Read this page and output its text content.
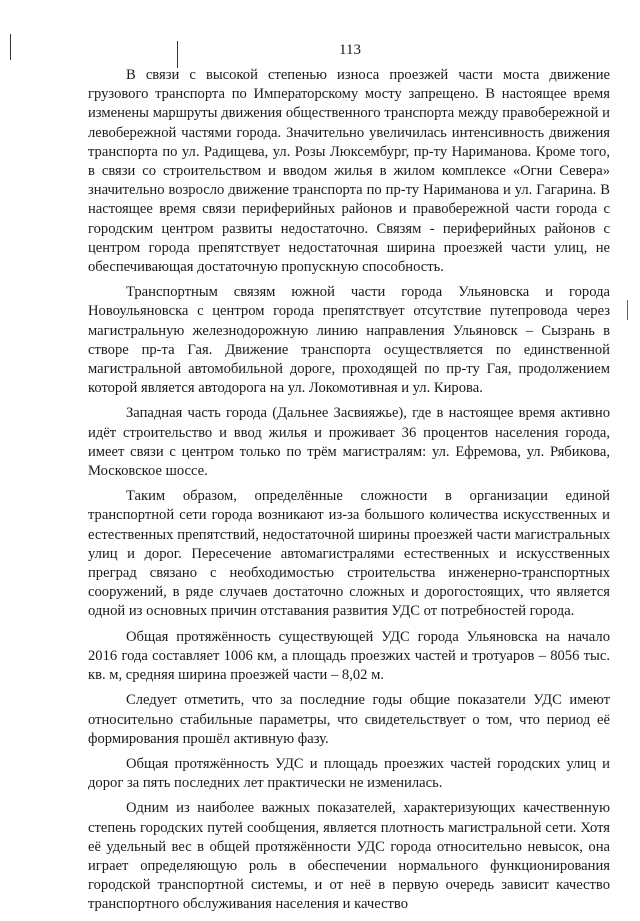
113

В связи с высокой степенью износа проезжей части моста движение грузового транспорта по Императорскому мосту запрещено. В настоящее время изменены маршруты движения общественного транспорта между правобережной и левобережной частями города. Значительно увеличилась интенсивность движения транспорта по ул. Радищева, ул. Розы Люксембург, пр-ту Нариманова. Кроме того, в связи со строительством и вводом жилья в жилом комплексе «Огни Севера» значительно возросло движение транспорта по пр-ту Нариманова и ул. Гагарина. В настоящее время связи периферийных районов и правобережной части города с городским центром развиты недостаточно. Связям - периферийных районов с центром города препятствует недостаточная ширина проезжей части улиц, не обеспечивающая достаточную пропускную способность.

Транспортным связям южной части города Ульяновска и города Новоульяновска с центром города препятствует отсутствие путепровода через магистральную железнодорожную линию направления Ульяновск – Сызрань в створе пр-та Гая. Движение транспорта осуществляется по единственной магистральной автомобильной дороге, проходящей по пр-ту Гая, продолжением которой является автодорога на ул. Локомотивная и ул. Кирова.

Западная часть города (Дальнее Засвияжье), где в настоящее время активно идёт строительство и ввод жилья и проживает 36 процентов населения города, имеет связи с центром только по трём магистралям: ул. Ефремова, ул. Рябикова, Московское шоссе.

Таким образом, определённые сложности в организации единой транспортной сети города возникают из-за большого количества искусственных и естественных препятствий, недостаточной ширины проезжей части магистральных улиц и дорог. Пересечение автомагистралями естественных и искусственных преград связано с необходимостью строительства инженерно-транспортных сооружений, в ряде случаев достаточно сложных и дорогостоящих, что является одной из основных причин отставания развития УДС от потребностей города.

Общая протяжённость существующей УДС города Ульяновска на начало 2016 года составляет 1006 км, а площадь проезжих частей и тротуаров – 8056 тыс. кв. м, средняя ширина проезжей части – 8,02 м.

Следует отметить, что за последние годы общие показатели УДС имеют относительно стабильные параметры, что свидетельствует о том, что период её формирования прошёл активную фазу.

Общая протяжённость УДС и площадь проезжих частей городских улиц и дорог за пять последних лет практически не изменилась.

Одним из наиболее важных показателей, характеризующих качественную степень городских путей сообщения, является плотность магистральной сети. Хотя её удельный вес в общей протяжённости УДС города относительно невысок, она играет определяющую роль в обеспечении нормального функционирования городской транспортной системы, и от неё в первую очередь зависит качество транспортного обслуживания населения и качество
